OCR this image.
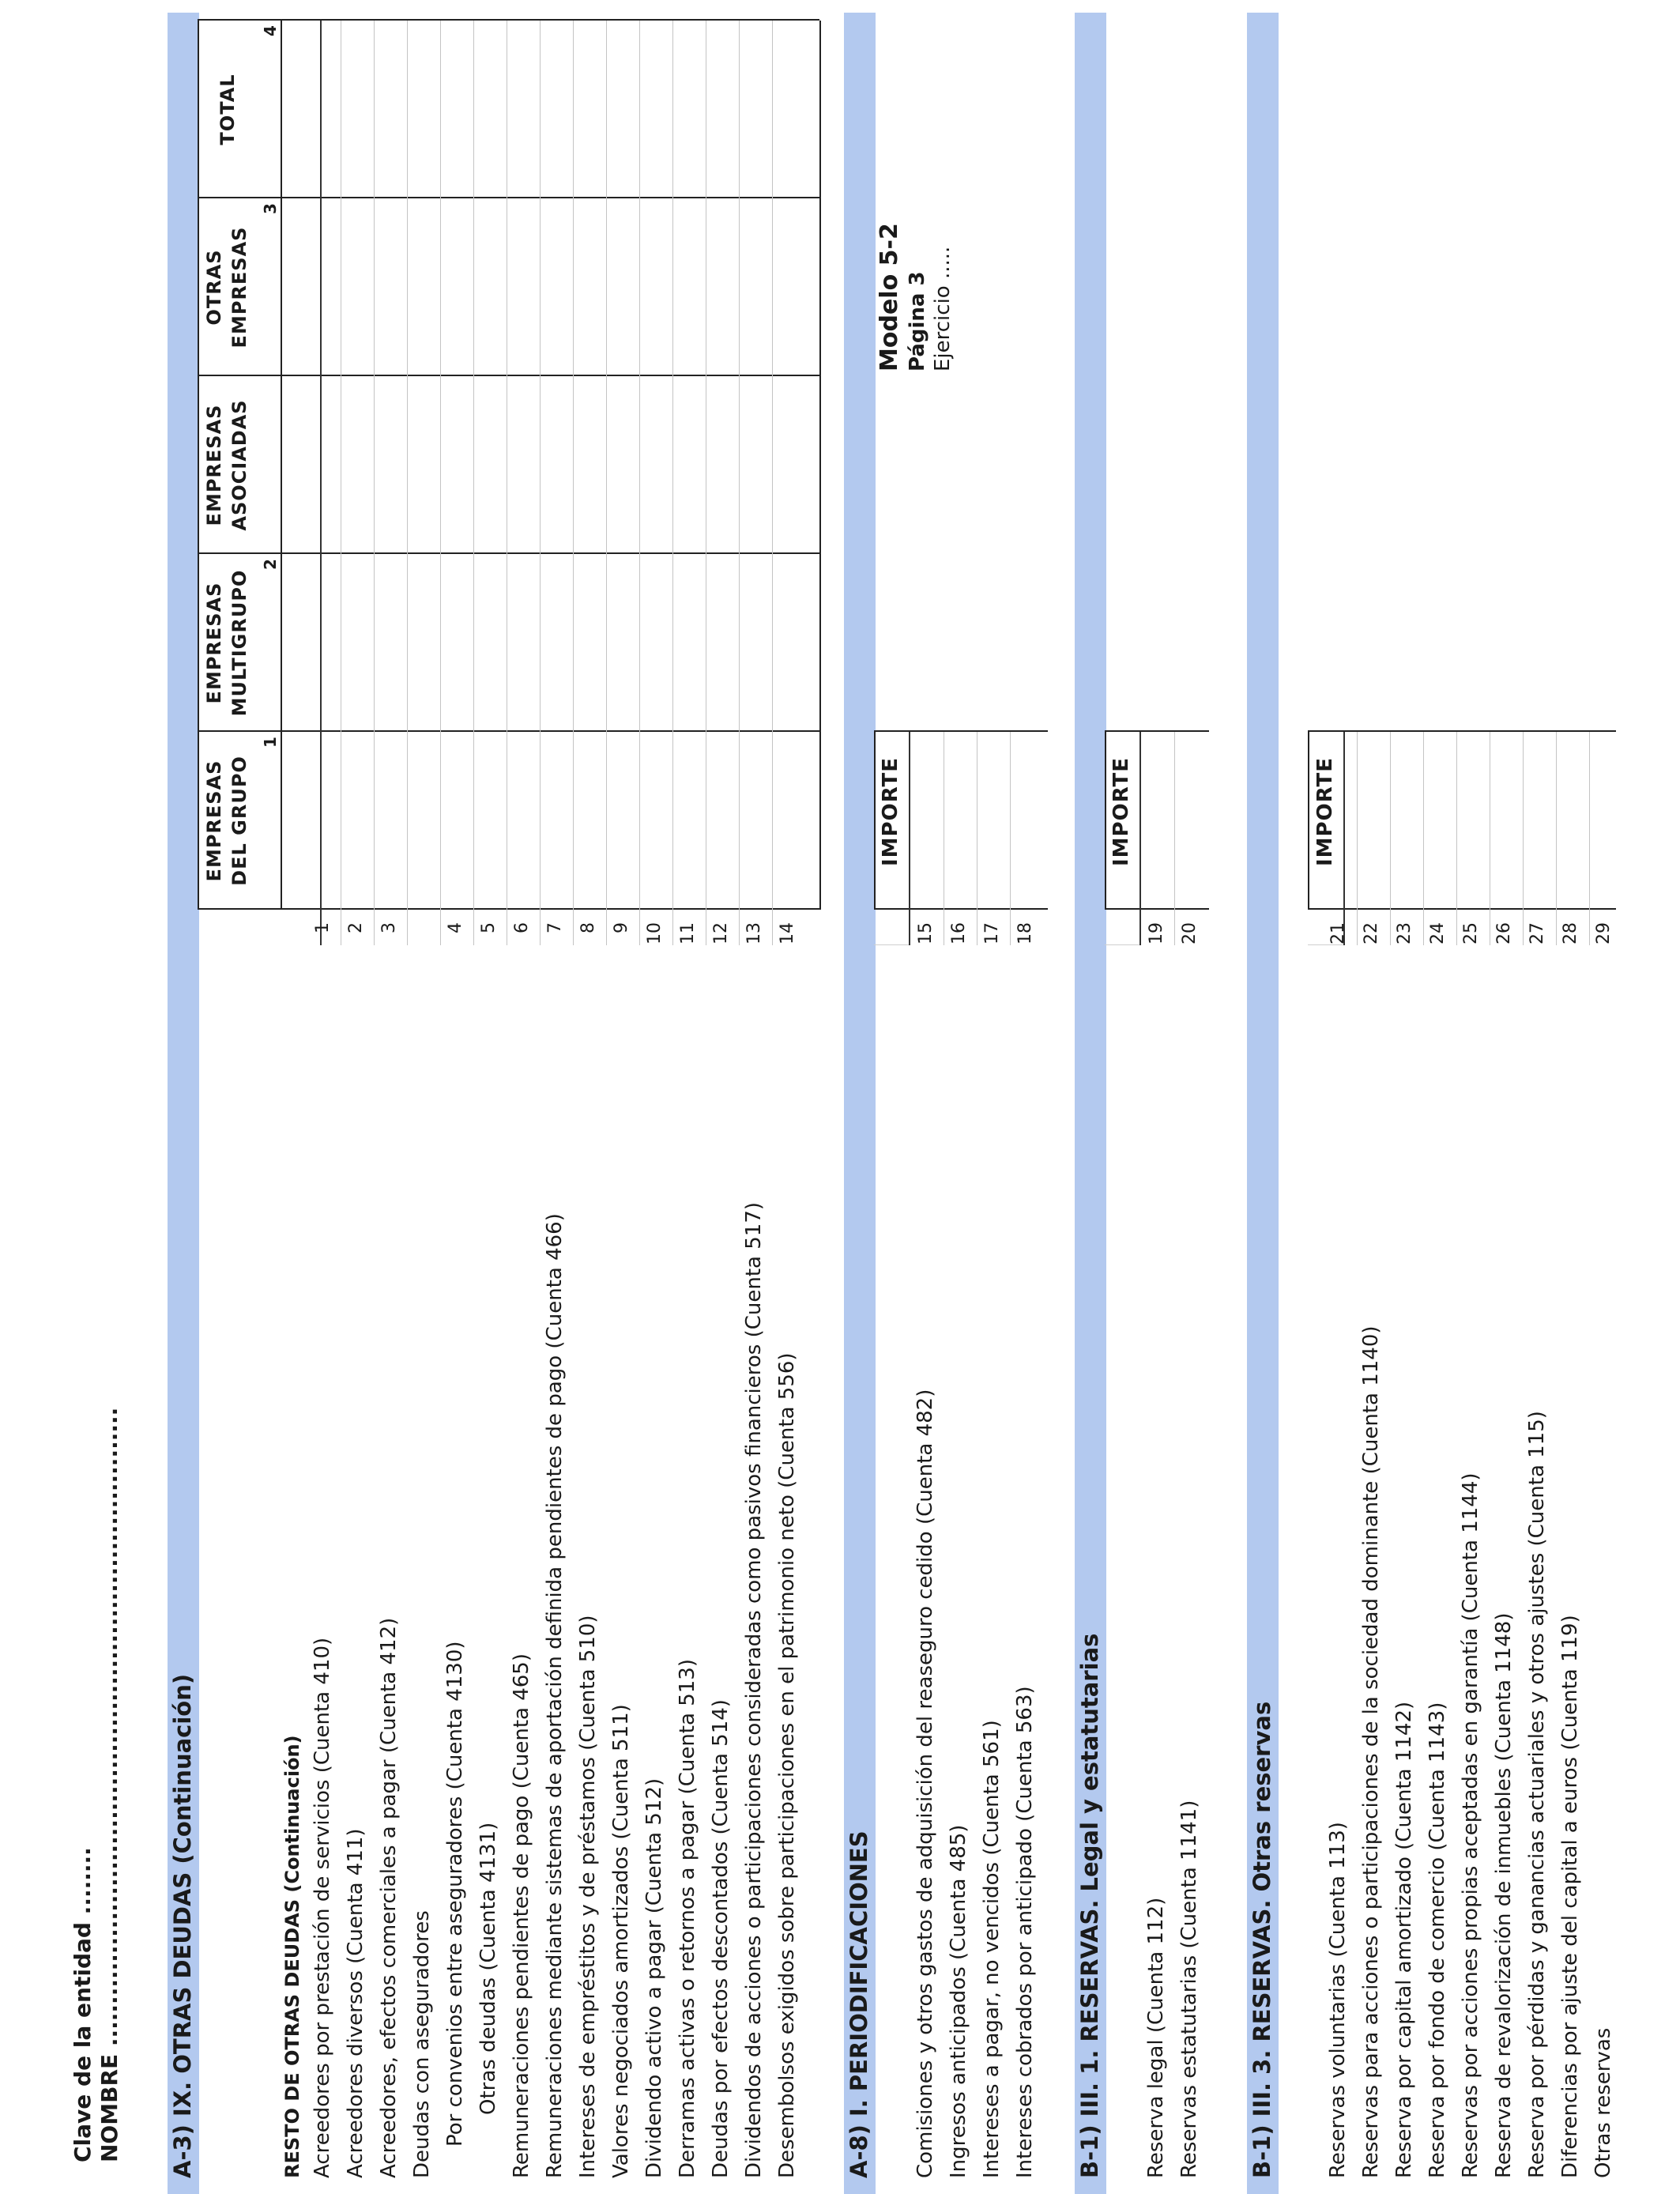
Clave de la entidad ........ NOMBRE ............................................................................
Modelo 5-2 Página 3 Ejercicio .....
A-3) IX. OTRAS DEUDAS (Continuación)	RESTO DE OTRAS DEUDAS (Continuación)
EMPRESAS DEL GRUPO
1
EMPRESAS MULTIGRUPO
2
EMPRESAS ASOCIADAS
OTRAS EMPRESAS
3
TOTAL
4
Acreedores por prestación de servicios (Cuenta 410)
1
Acreedores diversos (Cuenta 411)
2
Acreedores, efectos comerciales a pagar (Cuenta 412)
3
Deudas con aseguradores Por convenios entre aseguradores (Cuenta 4130)
4
Otras deudas (Cuenta 4131)
5
Remuneraciones pendientes de pago (Cuenta 465)
6
Remuneraciones mediante sistemas de aportación definida pendientes de pago (Cuenta 466)
7
Intereses de empréstitos y de préstamos (Cuenta 510)
8
Valores negociados amortizados (Cuenta 511)
9
Dividendo activo a pagar (Cuenta 512)
10
Derramas activas o retornos a pagar (Cuenta 513)
11
Deudas por efectos descontados (Cuenta 514)
12
Dividendos de acciones o participaciones consideradas como pasivos financieros (Cuenta 517)
13
Desembolsos exigidos sobre participaciones en el patrimonio neto (Cuenta 556)
14
A-8) I. PERIODIFICACIONES
IMPORTE
Comisiones y otros gastos de adquisición del reaseguro cedido (Cuenta 482)
15
Ingresos anticipados (Cuenta 485)
16
Intereses a pagar, no vencidos (Cuenta 561)
17
Intereses cobrados por anticipado (Cuenta 563)
18
B-1) III. 1. RESERVAS. Legal y estatutarias
IMPORTE
Reserva legal (Cuenta 112)
19
Reservas estatutarias (Cuenta 1141)
20
B-1) III. 3. RESERVAS. Otras reservas
IMPORTE
Reservas voluntarias (Cuenta 113)
21
Reservas para acciones o participaciones de la sociedad dominante (Cuenta 1140)
22
Reserva por capital amortizado (Cuenta 1142)
23
Reserva por fondo de comercio (Cuenta 1143)
24
Reservas por acciones propias aceptadas en garantía (Cuenta 1144)
25
Reserva de revalorización de inmuebles (Cuenta 1148)
26
Reserva por pérdidas y ganancias actuariales y otros ajustes (Cuenta 115)
27
Diferencias por ajuste del capital a euros (Cuenta 119)
28
Otras reservas
29
